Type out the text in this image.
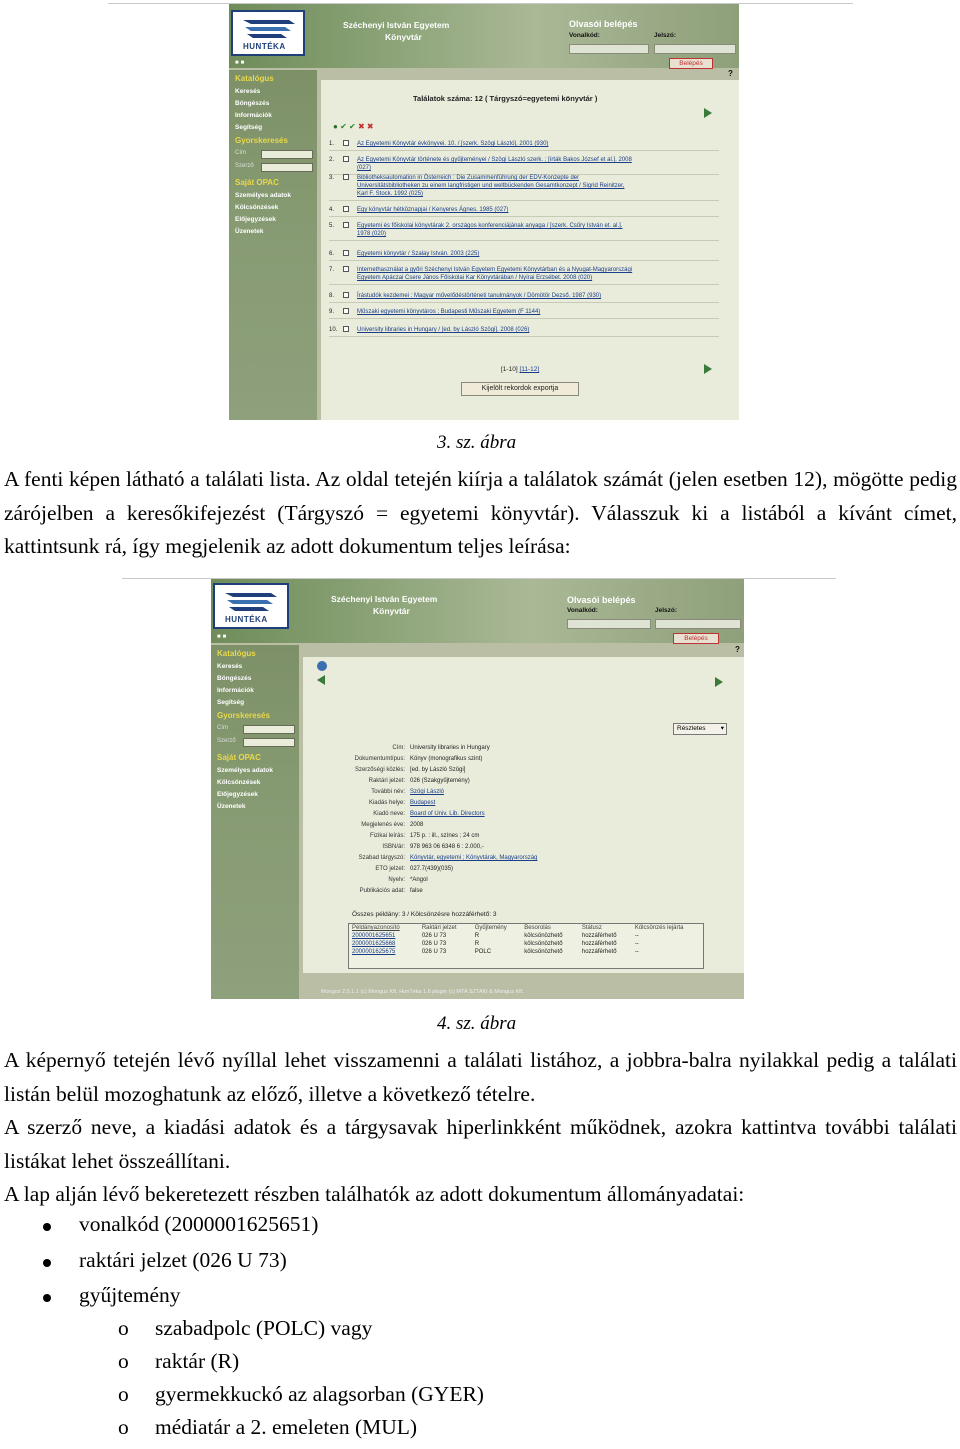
HUNTÉKA
Széchenyi István Egyetem
Könyvtár
Olvasói belépés
Vonalkód:	Jelszó:
Belépés
?
■■
Katalógus
Keresés
Böngészés
Információk
Segítség
Gyorskeresés
Cím
Szerző
Saját OPAC
Személyes adatok
Kölcsönzések
Előjegyzések
Üzenetek
Találatok száma: 12 ( Tárgyszó=egyetemi könyvtár )
● ✔ ✔ ✖ ✖
1.	Az Egyetemi Könyvtár évkönyvei. 10. / [szerk. Szögi László]. 2001 (930)
2.	Az Egyetemi Könyvtár története és gyűjteményei / Szögi László szerk. ; [írták Bakos József et al.]. 2008
(027)
3.	Bibliotheksautomation in Österreich : Die Zusammenführung der EDV-Konzepte der
Universitätsbibliotheken zu einem langfristigen und weltbückenden Gesamtkonzept / Sigrid Reinitzer,
Karl F. Stock. 1992 (025)
4.	Egy könyvtár hétköznapjai / Kenyeres Ágnes. 1985 (027)
5.	Egyetemi és főiskolai könyvtárak 2. országos konferenciájának anyaga / [szerk. Csűry István et. al.].
1978 (020)
6.	Egyetemi könyvtár / Szalay István. 2003 (225)
7.	Internethasználat a győri Széchenyi István Egyetem Egyetemi Könyvtárban és a Nyugat-Magyarországi
Egyetem Apáczai Csere János Főiskolai Kar Könyvtárában / Nyírai Erzsébet. 2008 (020)
8.	Írástudók kezdemei : Magyar művelődéstörténeti tanulmányok / Dömötör Dezső. 1987 (930)
9.	Műszaki egyetemi könyvtáros ; Budapesti Műszaki Egyetem (F 1144)
10.	University libraries in Hungary / [ed. by László Szögi]. 2008 (026)
[1-10] [11-12]
Kijelölt rekordok exportja
3. sz. ábra
A fenti képen látható a találati lista. Az oldal tetején kiírja a találatok számát (jelen esetben 12), mögötte pedig zárójelben a keresőkifejezést (Tárgyszó = egyetemi könyvtár). Válasszuk ki a listából a kívánt címet, kattintsunk rá, így megjelenik az adott dokumentum teljes leírása:
HUNTÉKA
Széchenyi István Egyetem
Könyvtár
Olvasói belépés
Vonalkód:	Jelszó:
Belépés
?
■■
Katalógus
Keresés
Böngészés
Információk
Segítség
Gyorskeresés
Cím
Szerző
Saját OPAC
Személyes adatok
Kölcsönzések
Előjegyzések
Üzenetek
Részletes ▾
Cím: University libraries in Hungary
Dokumentumtípus: Könyv (monografikus szint)
Szerzőségi közlés: [ed. by László Szögi]
Raktári jelzet: 026 (Szakgyűjtemény)
További név: Szögi László
Kiadás helye: Budapest
Kiadó neve: Board of Univ. Lib. Directors
Megjelenés éve: 2008
Fizikai leírás: 175 p. : ill., színes ; 24 cm
ISBN/ár: 978 963 06 6348 6 : 2.000,-
Szabad tárgyszó: Könyvtár, egyetemi ; Könyvtárak, Magyarország
ETO jelzet: 027.7(439)(035)
Nyelv: *Angol
Publikációs adat: false
Összes példány: 3 / Kölcsönzésre hozzáférhető: 3
Példányazonosító	Raktári jelzet	Gyűjtemény	Besorolás	Státusz	Kölcsönzés lejárta
2000001625651	026 U 73	R	kölcsönözhető	hozzáférhető	--
2000001625668	026 U 73	R	kölcsönözhető	hozzáférhető	--
2000001625675	026 U 73	POLC	kölcsönözhető	hozzáférhető	--
Mongoz 2.0.1.1 (c) Monguz Kft. HunTéka 1.6 plugin (c) MTA SZTAKI & Monguz Kft.
4. sz. ábra
A képernyő tetején lévő nyíllal lehet visszamenni a találati listához, a jobbra-balra nyilakkal pedig a találati listán belül mozoghatunk az előző, illetve a következő tételre.
A szerző neve, a kiadási adatok és a tárgysavak hiperlinkként működnek, azokra kattintva további találati listákat lehet összeállítani.
A lap alján lévő bekeretezett részben találhatók az adott dokumentum állományadatai:
vonalkód (2000001625651)
raktári jelzet (026 U 73)
gyűjtemény
o szabadpolc (POLC) vagy
o raktár (R)
o gyermekkuckó az alagsorban (GYER)
o médiatár a 2. emeleten (MUL)
